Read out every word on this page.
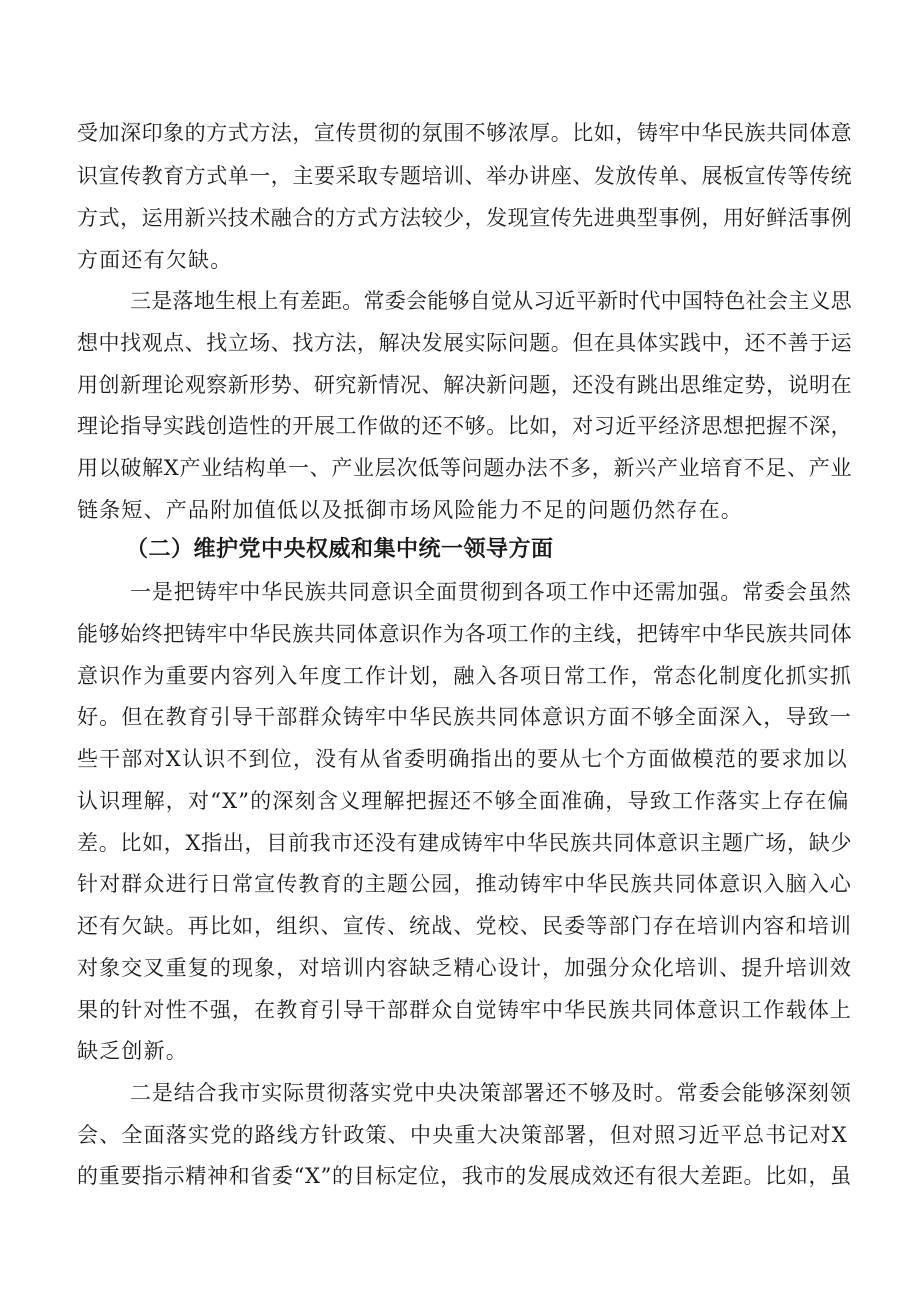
受加深印象的方式方法，宣传贯彻的氛围不够浓厚。比如，铸牢中华民族共同体意
识宣传教育方式单一，主要采取专题培训、举办讲座、发放传单、展板宣传等传统
方式，运用新兴技术融合的方式方法较少，发现宣传先进典型事例，用好鲜活事例
方面还有欠缺。
三是落地生根上有差距。常委会能够自觉从习近平新时代中国特色社会主义思
想中找观点、找立场、找方法，解决发展实际问题。但在具体实践中，还不善于运
用创新理论观察新形势、研究新情况、解决新问题，还没有跳出思维定势，说明在
理论指导实践创造性的开展工作做的还不够。比如，对习近平经济思想把握不深，
用以破解X产业结构单一、产业层次低等问题办法不多，新兴产业培育不足、产业
链条短、产品附加值低以及抵御市场风险能力不足的问题仍然存在。
（二）维护党中央权威和集中统一领导方面
一是把铸牢中华民族共同意识全面贯彻到各项工作中还需加强。常委会虽然
能够始终把铸牢中华民族共同体意识作为各项工作的主线，把铸牢中华民族共同体
意识作为重要内容列入年度工作计划，融入各项日常工作，常态化制度化抓实抓
好。但在教育引导干部群众铸牢中华民族共同体意识方面不够全面深入，导致一
些干部对X认识不到位，没有从省委明确指出的要从七个方面做模范的要求加以
认识理解，对“X”的深刻含义理解把握还不够全面准确，导致工作落实上存在偏
差。比如，X指出，目前我市还没有建成铸牢中华民族共同体意识主题广场，缺少
针对群众进行日常宣传教育的主题公园，推动铸牢中华民族共同体意识入脑入心
还有欠缺。再比如，组织、宣传、统战、党校、民委等部门存在培训内容和培训
对象交叉重复的现象，对培训内容缺乏精心设计，加强分众化培训、提升培训效
果的针对性不强，在教育引导干部群众自觉铸牢中华民族共同体意识工作载体上
缺乏创新。
二是结合我市实际贯彻落实党中央决策部署还不够及时。常委会能够深刻领
会、全面落实党的路线方针政策、中央重大决策部署，但对照习近平总书记对X
的重要指示精神和省委“X”的目标定位，我市的发展成效还有很大差距。比如，虽
